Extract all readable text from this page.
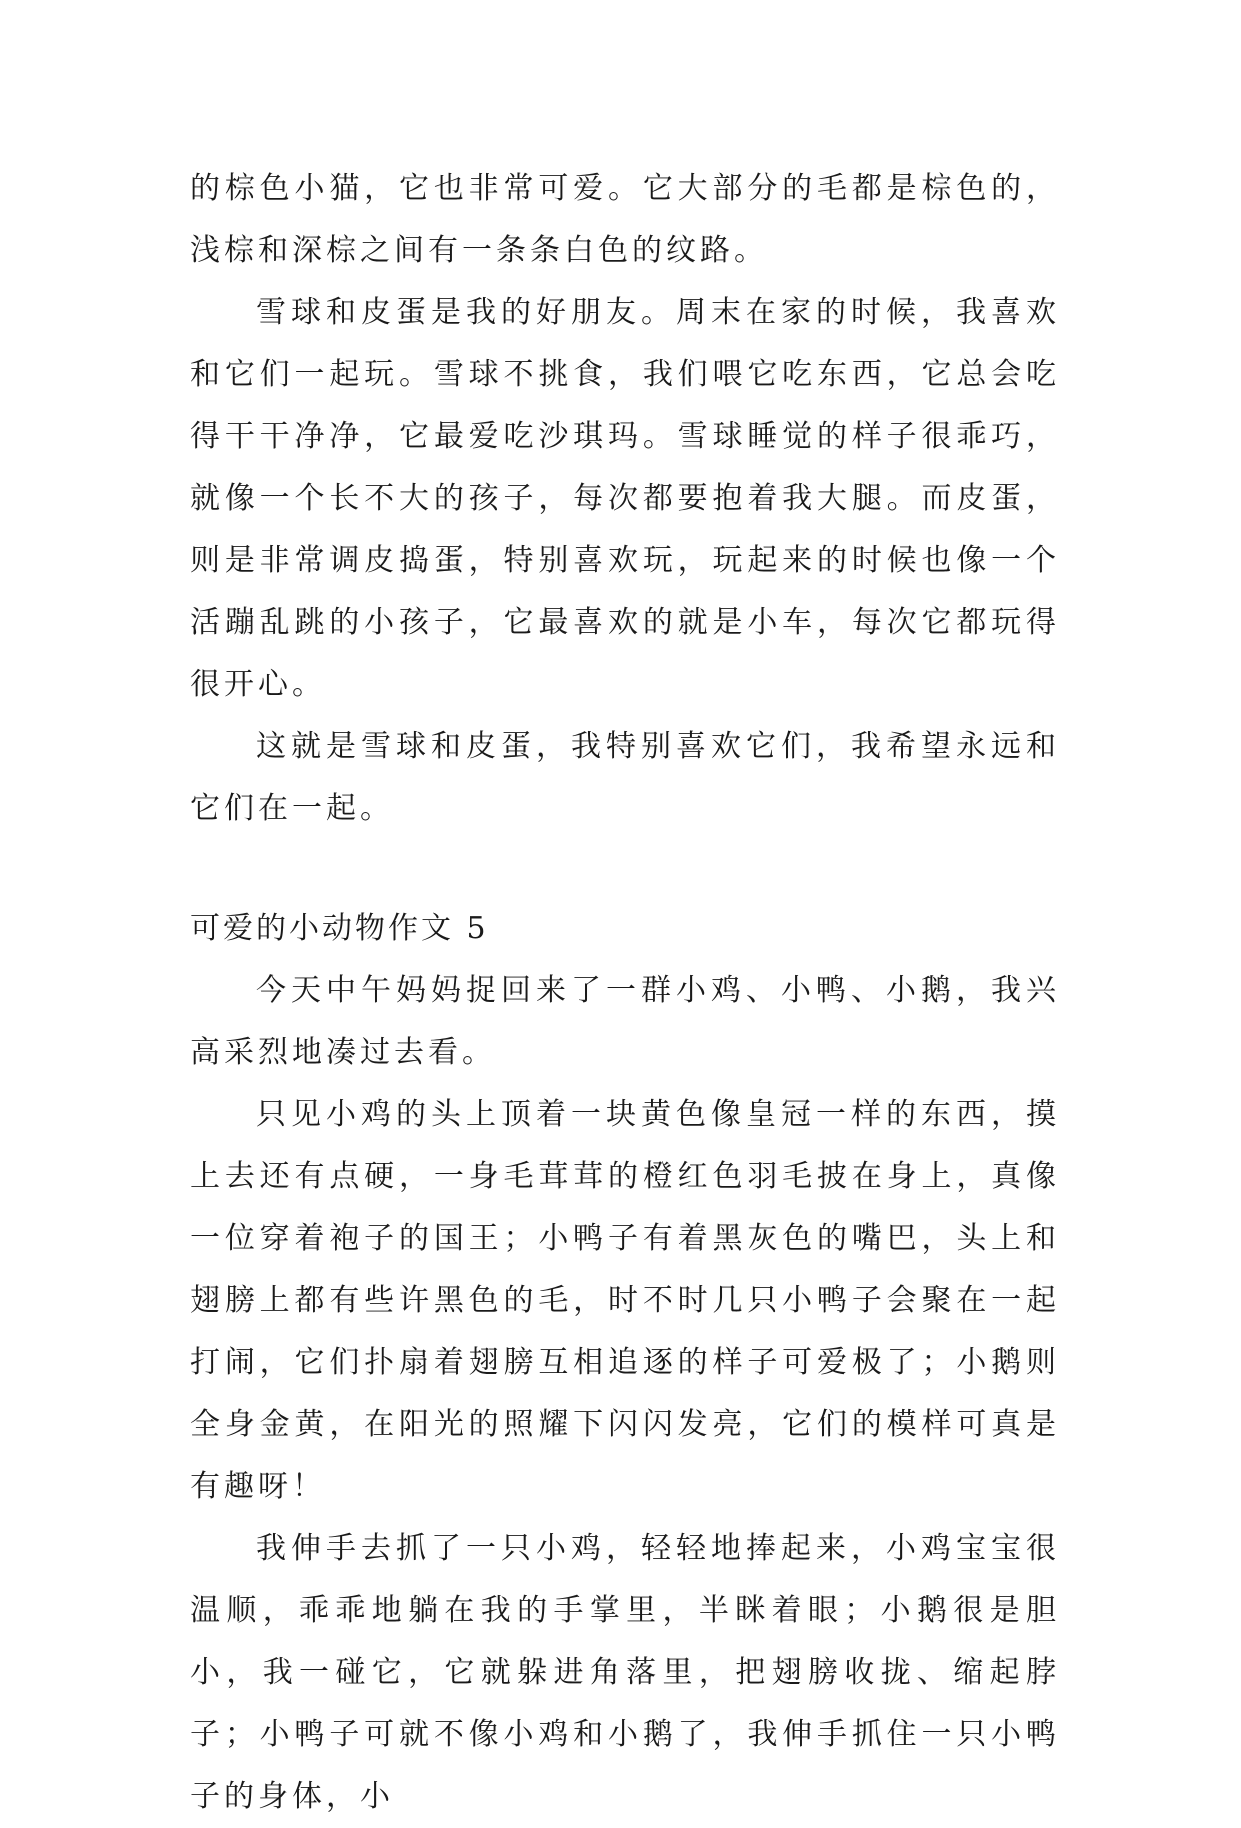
的棕色小猫，它也非常可爱。它大部分的毛都是棕色的，浅棕和深棕之间有一条条白色的纹路。

雪球和皮蛋是我的好朋友。周末在家的时候，我喜欢和它们一起玩。雪球不挑食，我们喂它吃东西，它总会吃得干干净净，它最爱吃沙琪玛。雪球睡觉的样子很乖巧，就像一个长不大的孩子，每次都要抱着我大腿。而皮蛋，则是非常调皮捣蛋，特别喜欢玩，玩起来的时候也像一个活蹦乱跳的小孩子，它最喜欢的就是小车，每次它都玩得很开心。

这就是雪球和皮蛋，我特别喜欢它们，我希望永远和它们在一起。

可爱的小动物作文 5

今天中午妈妈捉回来了一群小鸡、小鸭、小鹅，我兴高采烈地凑过去看。

只见小鸡的头上顶着一块黄色像皇冠一样的东西，摸上去还有点硬，一身毛茸茸的橙红色羽毛披在身上，真像一位穿着袍子的国王；小鸭子有着黑灰色的嘴巴，头上和翅膀上都有些许黑色的毛，时不时几只小鸭子会聚在一起打闹，它们扑扇着翅膀互相追逐的样子可爱极了；小鹅则全身金黄，在阳光的照耀下闪闪发亮，它们的模样可真是有趣呀！

我伸手去抓了一只小鸡，轻轻地捧起来，小鸡宝宝很温顺，乖乖地躺在我的手掌里，半眯着眼；小鹅很是胆小，我一碰它，它就躲进角落里，把翅膀收拢、缩起脖子；小鸭子可就不像小鸡和小鹅了，我伸手抓住一只小鸭子的身体，小
